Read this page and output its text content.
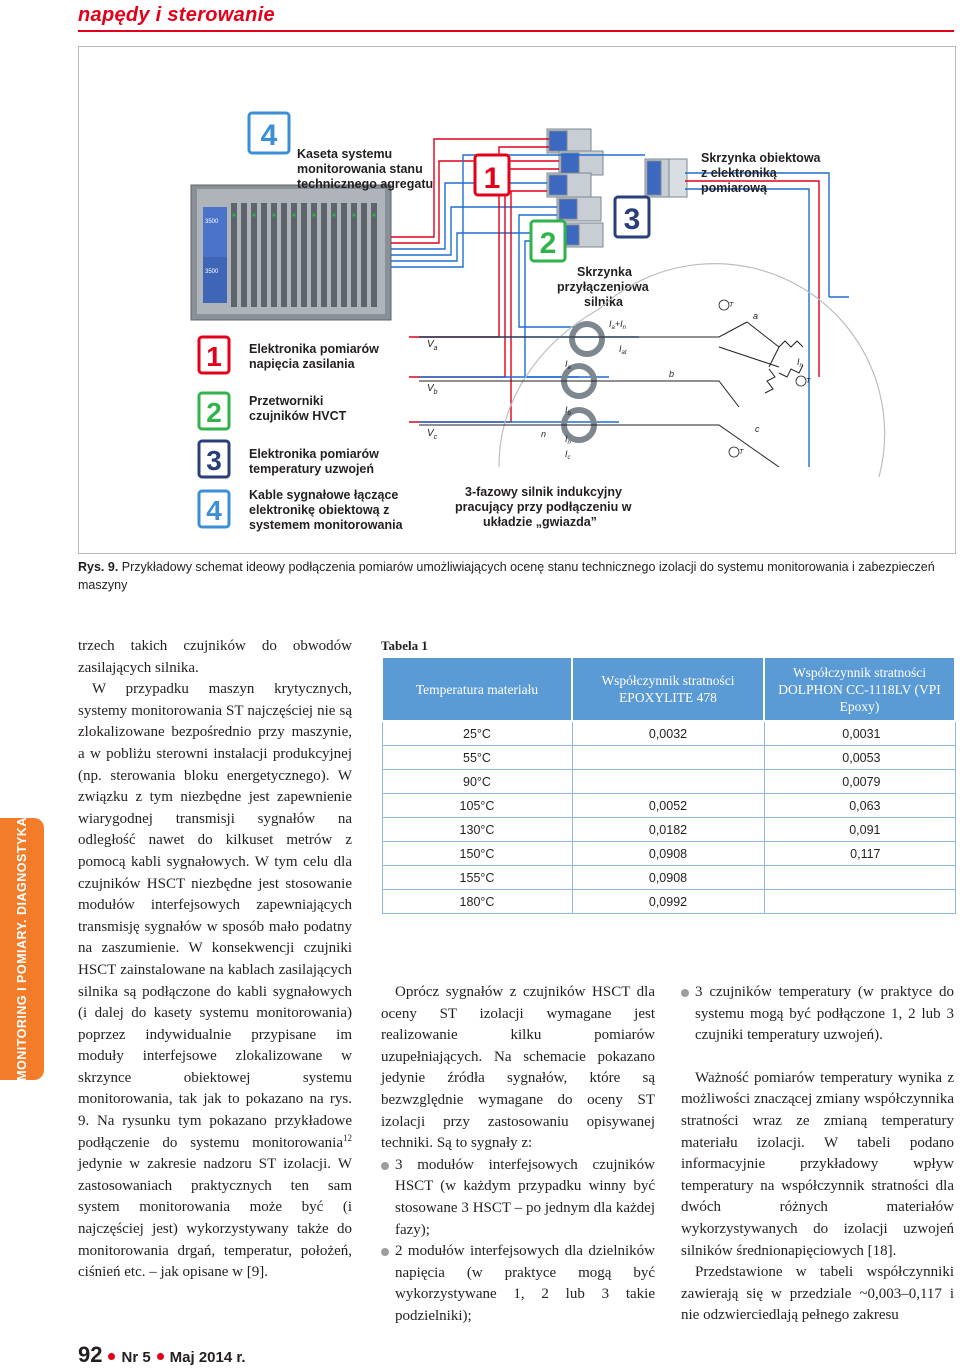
napędy i sterowanie
3500
3500
4
Kaseta systemu
monitorowania stanu
technicznego agregatu 1
2
3
Skrzynka obiektowa
z elektroniką
pomiarową
Skrzynka
przyłączeniowa
silnika
$V_a$
$V_b$
$V_c$
$I_a$
$I_b$
$I_c$
$I_n$
$I_a+I_n$
$I_{at}$
$I_n$
a
b
c
n
T
T
T
3-fazowy silnik indukcyjny
pracujący przy podłączeniu w
układzie „gwiazda”
1 Elektronika pomiarów
napięcia zasilania
2 Przetworniki
czujników HVCT
3 Elektronika pomiarów
temperatury uzwojeń
4 Kable sygnałowe łączące
elektronikę obiektową z
systemem monitorowania
Rys. 9. Przykładowy schemat ideowy podłączenia pomiarów umożliwiających ocenę stanu technicznego izolacji do systemu monitorowania i zabezpieczeń maszyny
MONITORING I POMIARY. DIAGNOSTYKA

trzech takich czujników do obwodów zasilających silnika.

W przypadku maszyn krytycznych, systemy monitorowania ST najczęściej nie są zlokalizowane bezpośrednio przy maszynie, a w pobliżu sterowni instalacji produkcyjnej (np. sterowania bloku energetycznego). W związku z tym niezbędne jest zapewnienie wiarygodnej transmisji sygnałów na odległość nawet do kilkuset metrów z pomocą kabli sygnałowych. W tym celu dla czujników HSCT niezbędne jest stosowanie modułów interfejsowych zapewniających transmisję sygnałów w sposób mało podatny na zaszumienie. W konsekwencji czujniki HSCT zainstalowane na kablach zasilających silnika są podłączone do kabli sygnałowych (i dalej do kasety systemu monitorowania) poprzez indywidualnie przypisane im moduły interfejsowe zlokalizowane w skrzynce obiektowej systemu monitorowania, tak jak to pokazano na rys. 9. Na rysunku tym pokazano przykładowe podłączenie do systemu monitorowania$^{12}$ jedynie w zakresie nadzoru ST izolacji. W zastosowaniach praktycznych ten sam system monitorowania może być (i najczęściej jest) wykorzystywany także do monitorowania drgań, temperatur, położeń, ciśnień etc. – jak opisane w [9].

Tabela 1
Temperatura materiału	Współczynnik stratności EPOXYLITE 478	Współczynnik stratności DOLPHON CC-1118LV (VPI Epoxy)
25°C	0,0032	0,0031
55°C		0,0053
90°C		0,0079
105°C	0,0052	0,063
130°C	0,0182	0,091
150°C	0,0908	0,117
155°C	0,0908	
180°C	0,0992	

Oprócz sygnałów z czujników HSCT dla oceny ST izolacji wymagane jest realizowanie kilku pomiarów uzupełniających. Na schemacie pokazano jedynie źródła sygnałów, które są bezwzględnie wymagane do oceny ST izolacji przy zastosowaniu opisywanej techniki. Są to sygnały z:

3 modułów interfejsowych czujników HSCT (w każdym przypadku winny być stosowane 3 HSCT – po jednym dla każdej fazy);
2 modułów interfejsowych dla dzielników napięcia (w praktyce mogą być wykorzystywane 1, 2 lub 3 takie podzielniki);
3 czujników temperatury (w praktyce do systemu mogą być podłączone 1, 2 lub 3 czujniki temperatury uzwojeń).

Ważność pomiarów temperatury wynika z możliwości znaczącej zmiany współczynnika stratności wraz ze zmianą temperatury materiału izolacji. W tabeli podano informacyjnie przykładowy wpływ temperatury na współczynnik stratności dla dwóch różnych materiałów wykorzystywanych do izolacji uzwojeń silników średnionapięciowych [18].

Przedstawione w tabeli współczynniki zawierają się w przedziale ~0,003–0,117 i nie odzwierciedlają pełnego zakresu

92 Nr 5 Maj 2014 r.
